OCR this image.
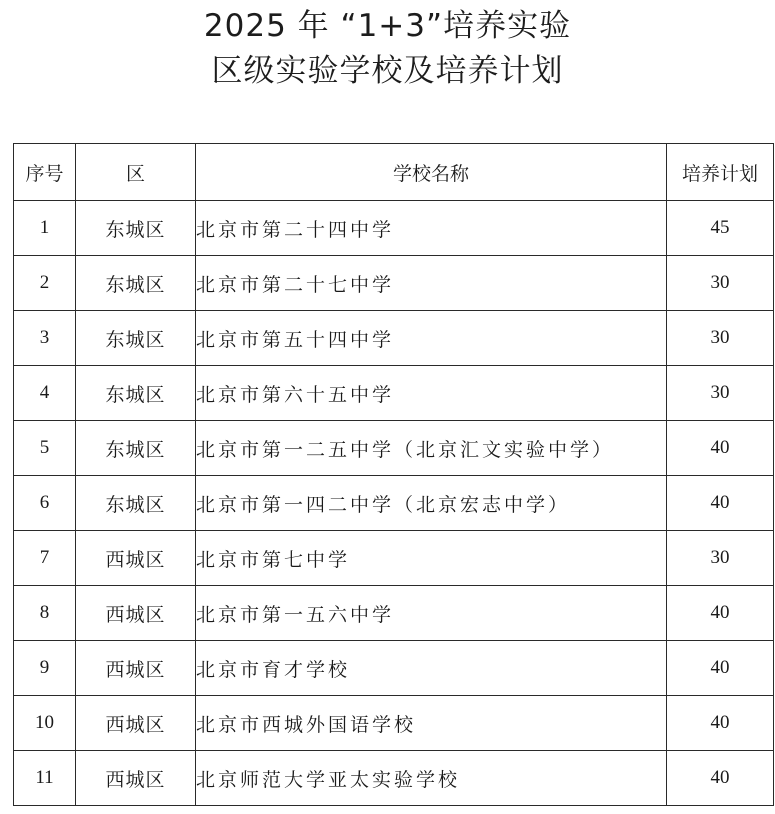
2025 年 “1+3”培养实验
区级实验学校及培养计划
序号	区	学校名称	培养计划
1	东城区	北京市第二十四中学	45
2	东城区	北京市第二十七中学	30
3	东城区	北京市第五十四中学	30
4	东城区	北京市第六十五中学	30
5	东城区	北京市第一二五中学（北京汇文实验中学）	40
6	东城区	北京市第一四二中学（北京宏志中学）	40
7	西城区	北京市第七中学	30
8	西城区	北京市第一五六中学	40
9	西城区	北京市育才学校	40
10	西城区	北京市西城外国语学校	40
11	西城区	北京师范大学亚太实验学校	40
